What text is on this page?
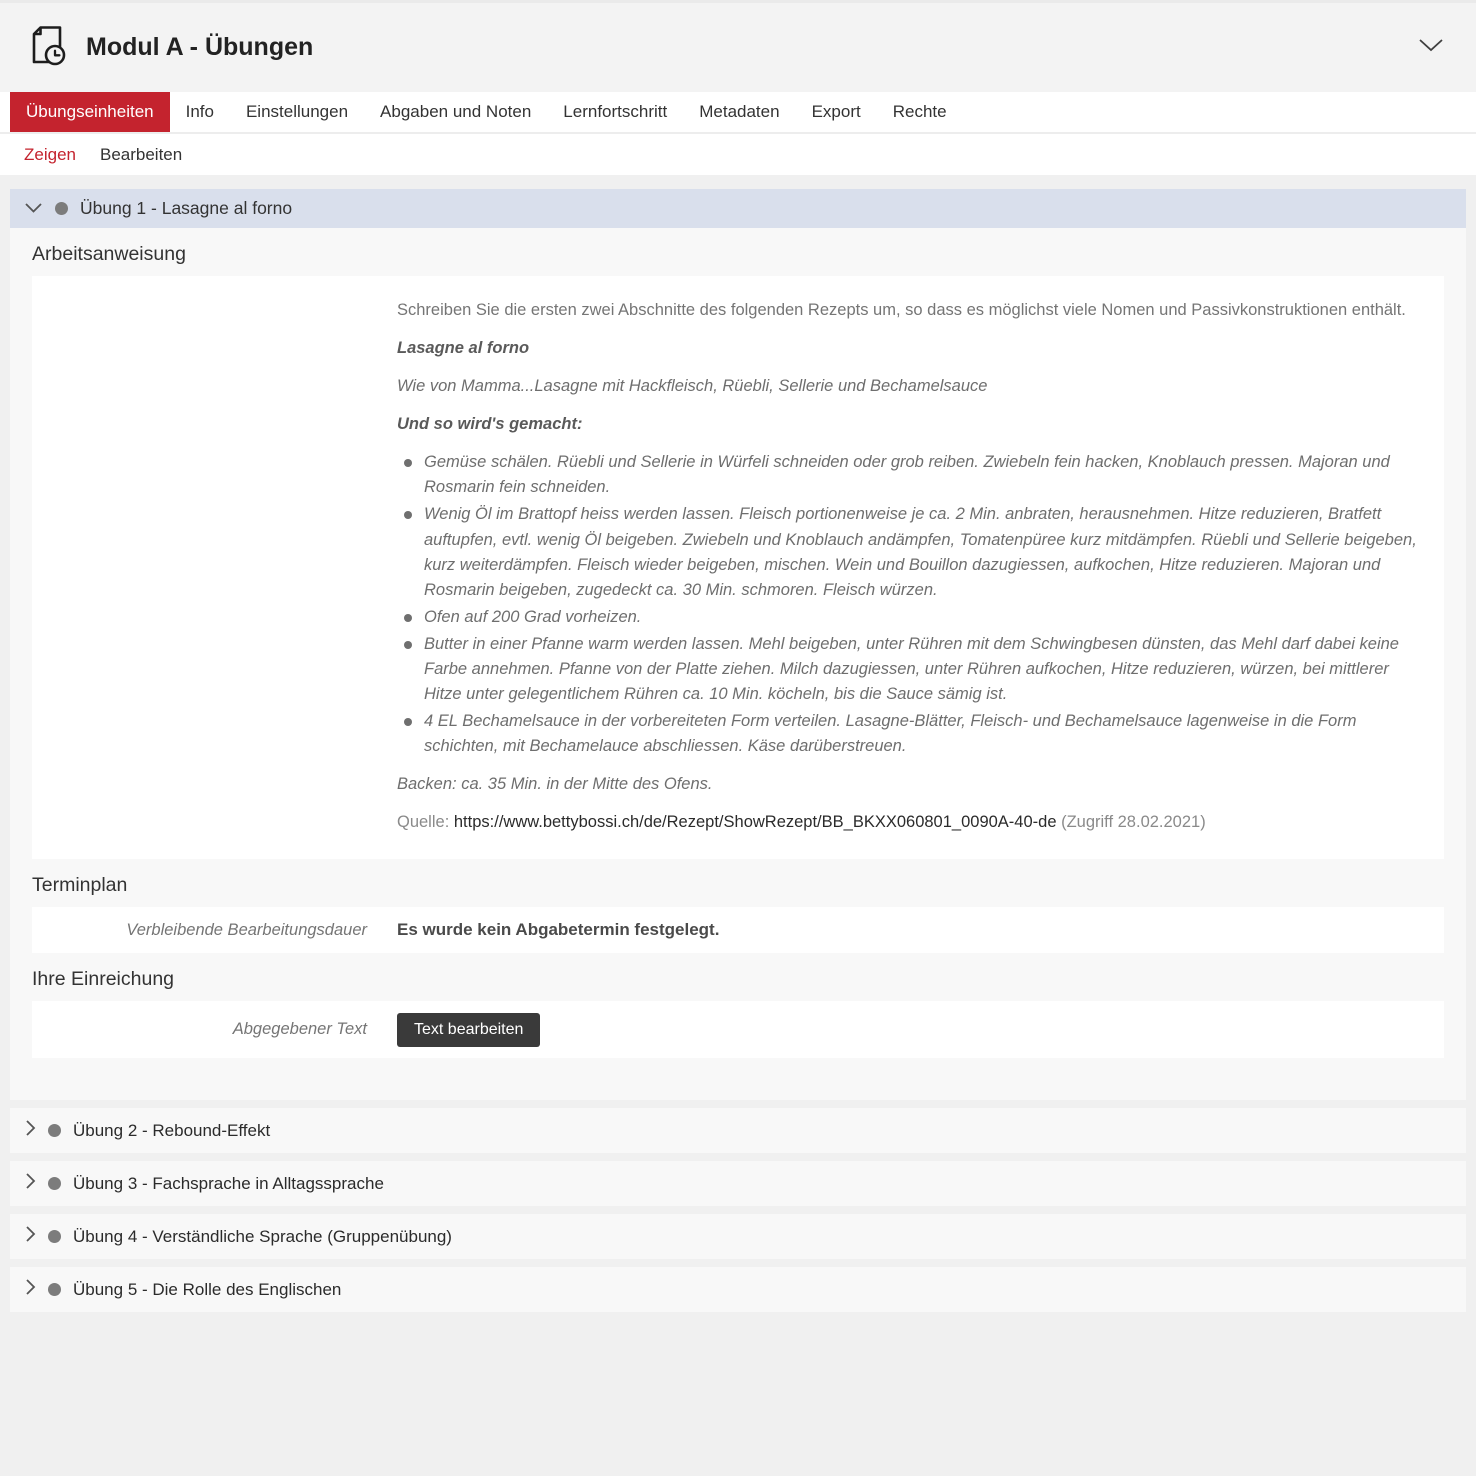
Modul A - Übungen
Übungseinheiten	Info	Einstellungen	Abgaben und Noten	Lernfortschritt	Metadaten	Export	Rechte
Zeigen Bearbeiten
Übung 1 - Lasagne al forno
Arbeitsanweisung

Schreiben Sie die ersten zwei Abschnitte des folgenden Rezepts um, so dass es möglichst viele Nomen und Passivkonstruktionen enthält.

Lasagne al forno

Wie von Mamma...Lasagne mit Hackfleisch, Rüebli, Sellerie und Bechamelsauce

Und so wird's gemacht:

Gemüse schälen. Rüebli und Sellerie in Würfeli schneiden oder grob reiben. Zwiebeln fein hacken, Knoblauch pressen. Majoran und Rosmarin fein schneiden.
Wenig Öl im Brattopf heiss werden lassen. Fleisch portionenweise je ca. 2 Min. anbraten, herausnehmen. Hitze reduzieren, Bratfett auftupfen, evtl. wenig Öl beigeben. Zwiebeln und Knoblauch andämpfen, Tomatenpüree kurz mitdämpfen. Rüebli und Sellerie beigeben, kurz weiterdämpfen. Fleisch wieder beigeben, mischen. Wein und Bouillon dazugiessen, aufkochen, Hitze reduzieren. Majoran und Rosmarin beigeben, zugedeckt ca. 30 Min. schmoren. Fleisch würzen.
Ofen auf 200 Grad vorheizen.
Butter in einer Pfanne warm werden lassen. Mehl beigeben, unter Rühren mit dem Schwingbesen dünsten, das Mehl darf dabei keine Farbe annehmen. Pfanne von der Platte ziehen. Milch dazugiessen, unter Rühren aufkochen, Hitze reduzieren, würzen, bei mittlerer Hitze unter gelegentlichem Rühren ca. 10 Min. köcheln, bis die Sauce sämig ist.
4 EL Bechamelsauce in der vorbereiteten Form verteilen. Lasagne-Blätter, Fleisch- und Bechamelsauce lagenweise in die Form schichten, mit Bechamelauce abschliessen. Käse darüberstreuen.

Backen: ca. 35 Min. in der Mitte des Ofens.

Quelle: https://www.bettybossi.ch/de/Rezept/ShowRezept/BB_BKXX060801_0090A-40-de (Zugriff 28.02.2021)

Terminplan
Verbleibende Bearbeitungsdauer Es wurde kein Abgabetermin festgelegt.
Ihre Einreichung
Abgegebener Text	Text bearbeiten
Übung 2 - Rebound-Effekt
Übung 3 - Fachsprache in Alltagssprache
Übung 4 - Verständliche Sprache (Gruppenübung)
Übung 5 - Die Rolle des Englischen
